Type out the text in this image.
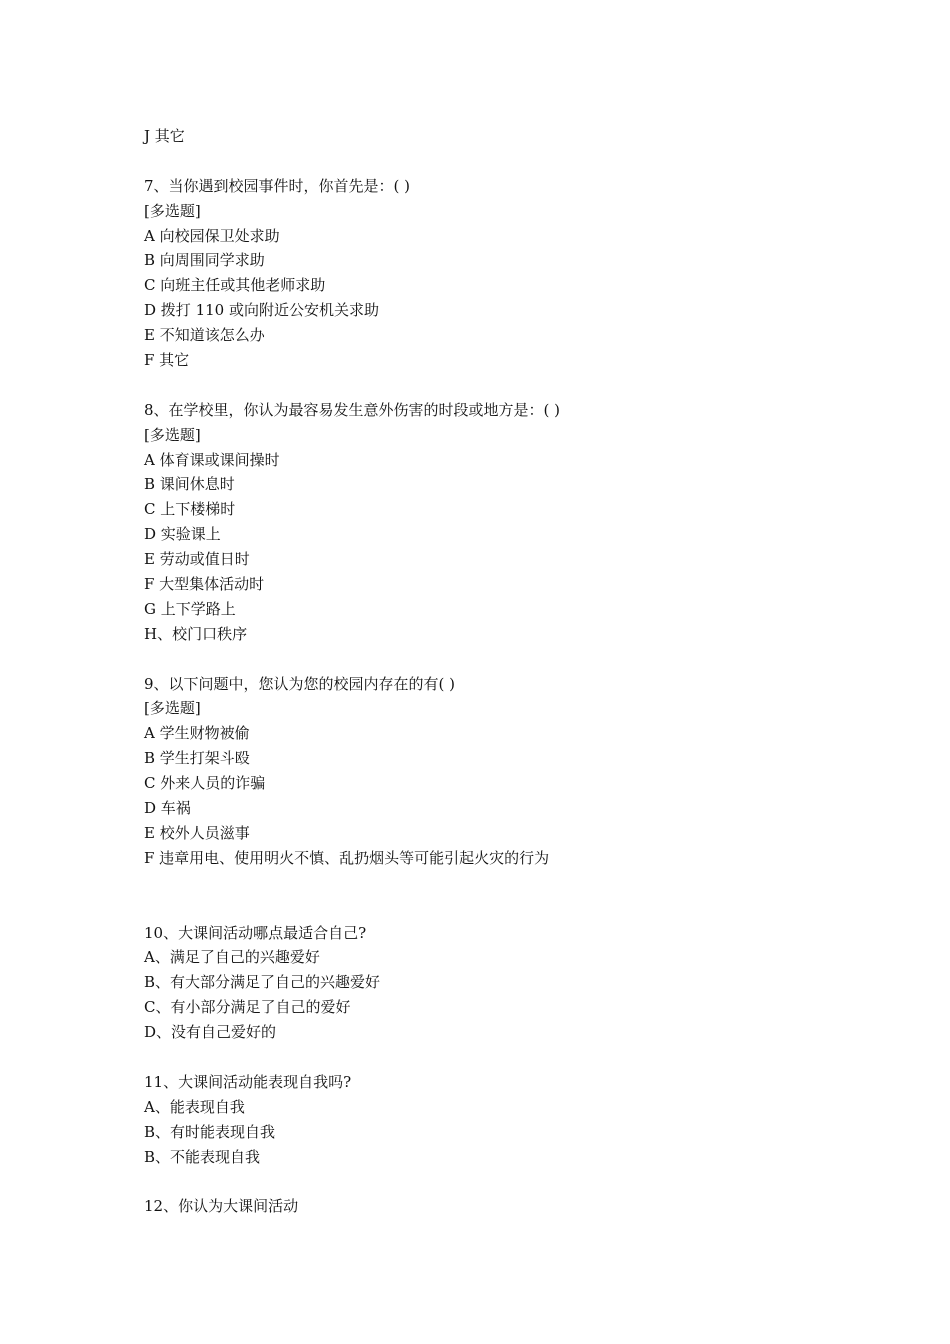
J 其它
7、当你遇到校园事件时，你首先是：( )
[多选题]
A 向校园保卫处求助
B 向周围同学求助
C 向班主任或其他老师求助
D 拨打 110 或向附近公安机关求助
E 不知道该怎么办
F 其它
8、在学校里，你认为最容易发生意外伤害的时段或地方是：( )
[多选题]
A 体育课或课间操时
B 课间休息时
C 上下楼梯时
D 实验课上
E 劳动或值日时
F 大型集体活动时
G 上下学路上
H、校门口秩序
9、以下问题中，您认为您的校园内存在的有( )
[多选题]
A 学生财物被偷
B 学生打架斗殴
C 外来人员的诈骗
D 车祸
E 校外人员滋事
F 违章用电、使用明火不慎、乱扔烟头等可能引起火灾的行为
10、大课间活动哪点最适合自己?
A、满足了自己的兴趣爱好
B、有大部分满足了自己的兴趣爱好
C、有小部分满足了自己的爱好
D、没有自己爱好的
11、大课间活动能表现自我吗?
A、能表现自我
B、有时能表现自我
B、不能表现自我
12、你认为大课间活动
